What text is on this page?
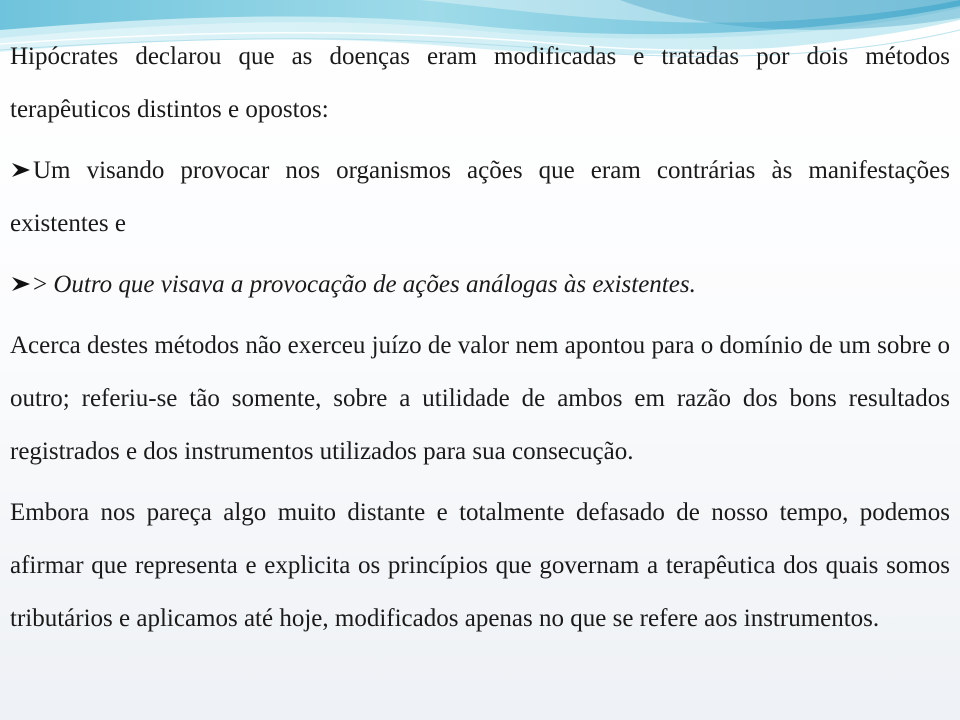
Hipócrates declarou que as doenças eram modificadas e tratadas por dois métodos terapêuticos distintos e opostos:

Um visando provocar nos organismos ações que eram contrárias às manifestações existentes e

> Outro que visava a provocação de ações análogas às existentes.

Acerca destes métodos não exerceu juízo de valor nem apontou para o domínio de um sobre o outro; referiu-se tão somente, sobre a utilidade de ambos em razão dos bons resultados registrados e dos instrumentos utilizados para sua consecução.

Embora nos pareça algo muito distante e totalmente defasado de nosso tempo, podemos afirmar que representa e explicita os princípios que governam a terapêutica dos quais somos tributários e aplicamos até hoje, modificados apenas no que se refere aos instrumentos.
